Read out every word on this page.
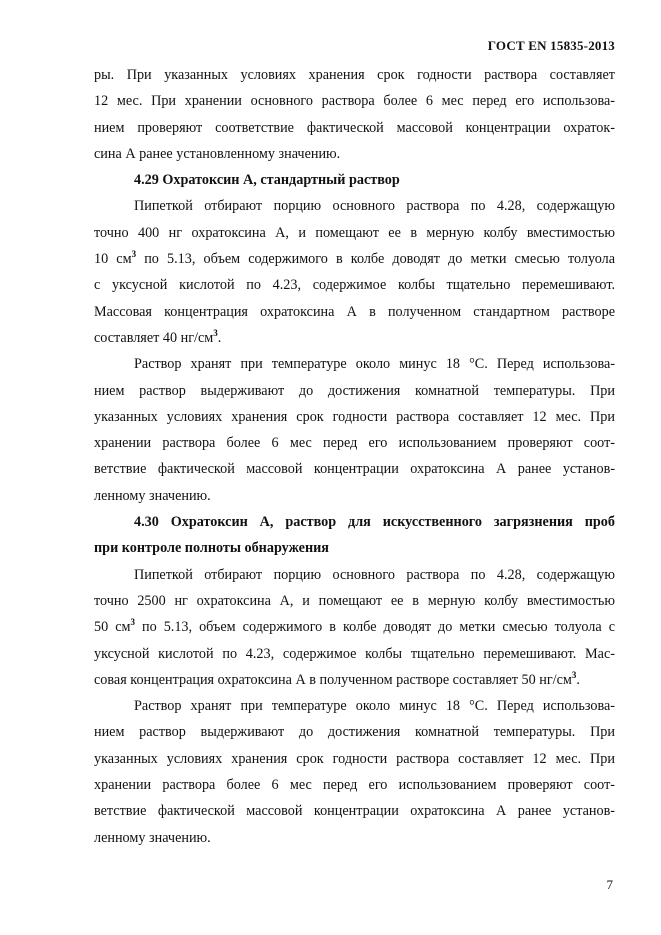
ГОСТ EN 15835-2013
ры. При указанных условиях хранения срок годности раствора составляет
12 мес. При хранении основного раствора более 6 мес перед его использова-
нием проверяют соответствие фактической массовой концентрации охраток-
сина А ранее установленному значению.
4.29 Охратоксин А, стандартный раствор
Пипеткой отбирают порцию основного раствора по 4.28, содержащую
точно 400 нг охратоксина А, и помещают ее в мерную колбу вместимостью
10 $см^3$ по 5.13, объем содержимого в колбе доводят до метки смесью толуола
с уксусной кислотой по 4.23, содержимое колбы тщательно перемешивают.
Массовая концентрация охратоксина А в полученном стандартном растворе
составляет 40 $нг/см^3$.
Раствор хранят при температуре около минус 18 °С. Перед использова-
нием раствор выдерживают до достижения комнатной температуры. При
указанных условиях хранения срок годности раствора составляет 12 мес. При
хранении раствора более 6 мес перед его использованием проверяют соот-
ветствие фактической массовой концентрации охратоксина А ранее установ-
ленному значению.
4.30 Охратоксин А, раствор для искусственного загрязнения проб
при контроле полноты обнаружения
Пипеткой отбирают порцию основного раствора по 4.28, содержащую
точно 2500 нг охратоксина А, и помещают ее в мерную колбу вместимостью
50 $см^3$ по 5.13, объем содержимого в колбе доводят до метки смесью толуола с
уксусной кислотой по 4.23, содержимое колбы тщательно перемешивают. Мас-
совая концентрация охратоксина А в полученном растворе составляет 50 $нг/см^3$.
Раствор хранят при температуре около минус 18 °С. Перед использова-
нием раствор выдерживают до достижения комнатной температуры. При
указанных условиях хранения срок годности раствора составляет 12 мес. При
хранении раствора более 6 мес перед его использованием проверяют соот-
ветствие фактической массовой концентрации охратоксина А ранее установ-
ленному значению.
7
